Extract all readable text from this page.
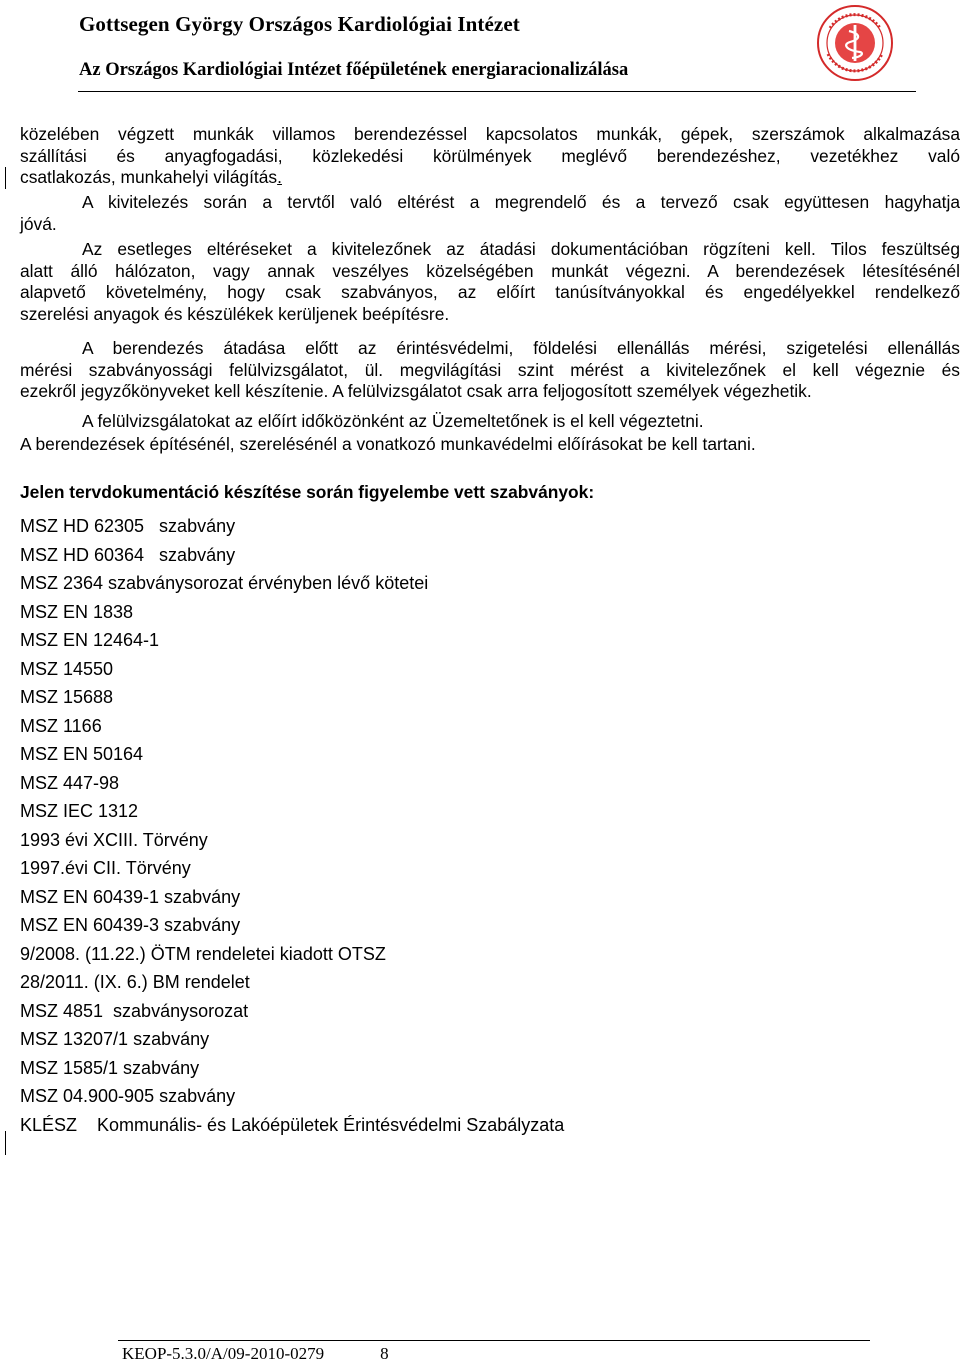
Gottsegen György Országos Kardiológiai Intézet
Az Országos Kardiológiai Intézet főépületének energiaracionalizálása
közelében végzett munkák villamos berendezéssel kapcsolatos munkák, gépek, szerszámok alkalmazása
szállítási és anyagfogadási, közlekedési körülmények meglévő berendezéshez, vezetékhez való
csatlakozás, munkahelyi világítás.
A kivitelezés során a tervtől való eltérést a megrendelő és a tervező csak együttesen hagyhatja
jóvá.
Az esetleges eltéréseket a kivitelezőnek az átadási dokumentációban rögzíteni kell. Tilos feszültség
alatt álló hálózaton, vagy annak veszélyes közelségében munkát végezni. A berendezések létesítésénél
alapvető követelmény, hogy csak szabványos, az előírt tanúsítványokkal és engedélyekkel rendelkező
szerelési anyagok és készülékek kerüljenek beépítésre.
A berendezés átadása előtt az érintésvédelmi, földelési ellenállás mérési, szigetelési ellenállás
mérési szabványossági felülvizsgálatot, ül. megvilágítási szint mérést a kivitelezőnek el kell végeznie és
ezekről jegyzőkönyveket kell készítenie. A felülvizsgálatot csak arra feljogosított személyek végezhetik.
A felülvizsgálatokat az előírt időközönként az Üzemeltetőnek is el kell végeztetni.
A berendezések építésénél, szerelésénél a vonatkozó munkavédelmi előírásokat be kell tartani.
Jelen tervdokumentáció készítése során figyelembe vett szabványok:
MSZ HD 62305   szabvány
MSZ HD 60364   szabvány
MSZ 2364 szabványsorozat érvényben lévő kötetei
MSZ EN 1838
MSZ EN 12464-1
MSZ 14550
MSZ 15688
MSZ 1166
MSZ EN 50164
MSZ 447-98
MSZ IEC 1312
1993 évi XCIII. Törvény
1997.évi CII. Törvény
MSZ EN 60439-1 szabvány
MSZ EN 60439-3 szabvány
9/2008. (11.22.) ÖTM rendeletei kiadott OTSZ
28/2011. (IX. 6.) BM rendelet
MSZ 4851  szabványsorozat
MSZ 13207/1 szabvány
MSZ 1585/1 szabvány
MSZ 04.900-905 szabvány
KLÉSZ    Kommunális- és Lakóépületek Érintésvédelmi Szabályzata
KEOP-5.3.0/A/09-2010-0279	8
